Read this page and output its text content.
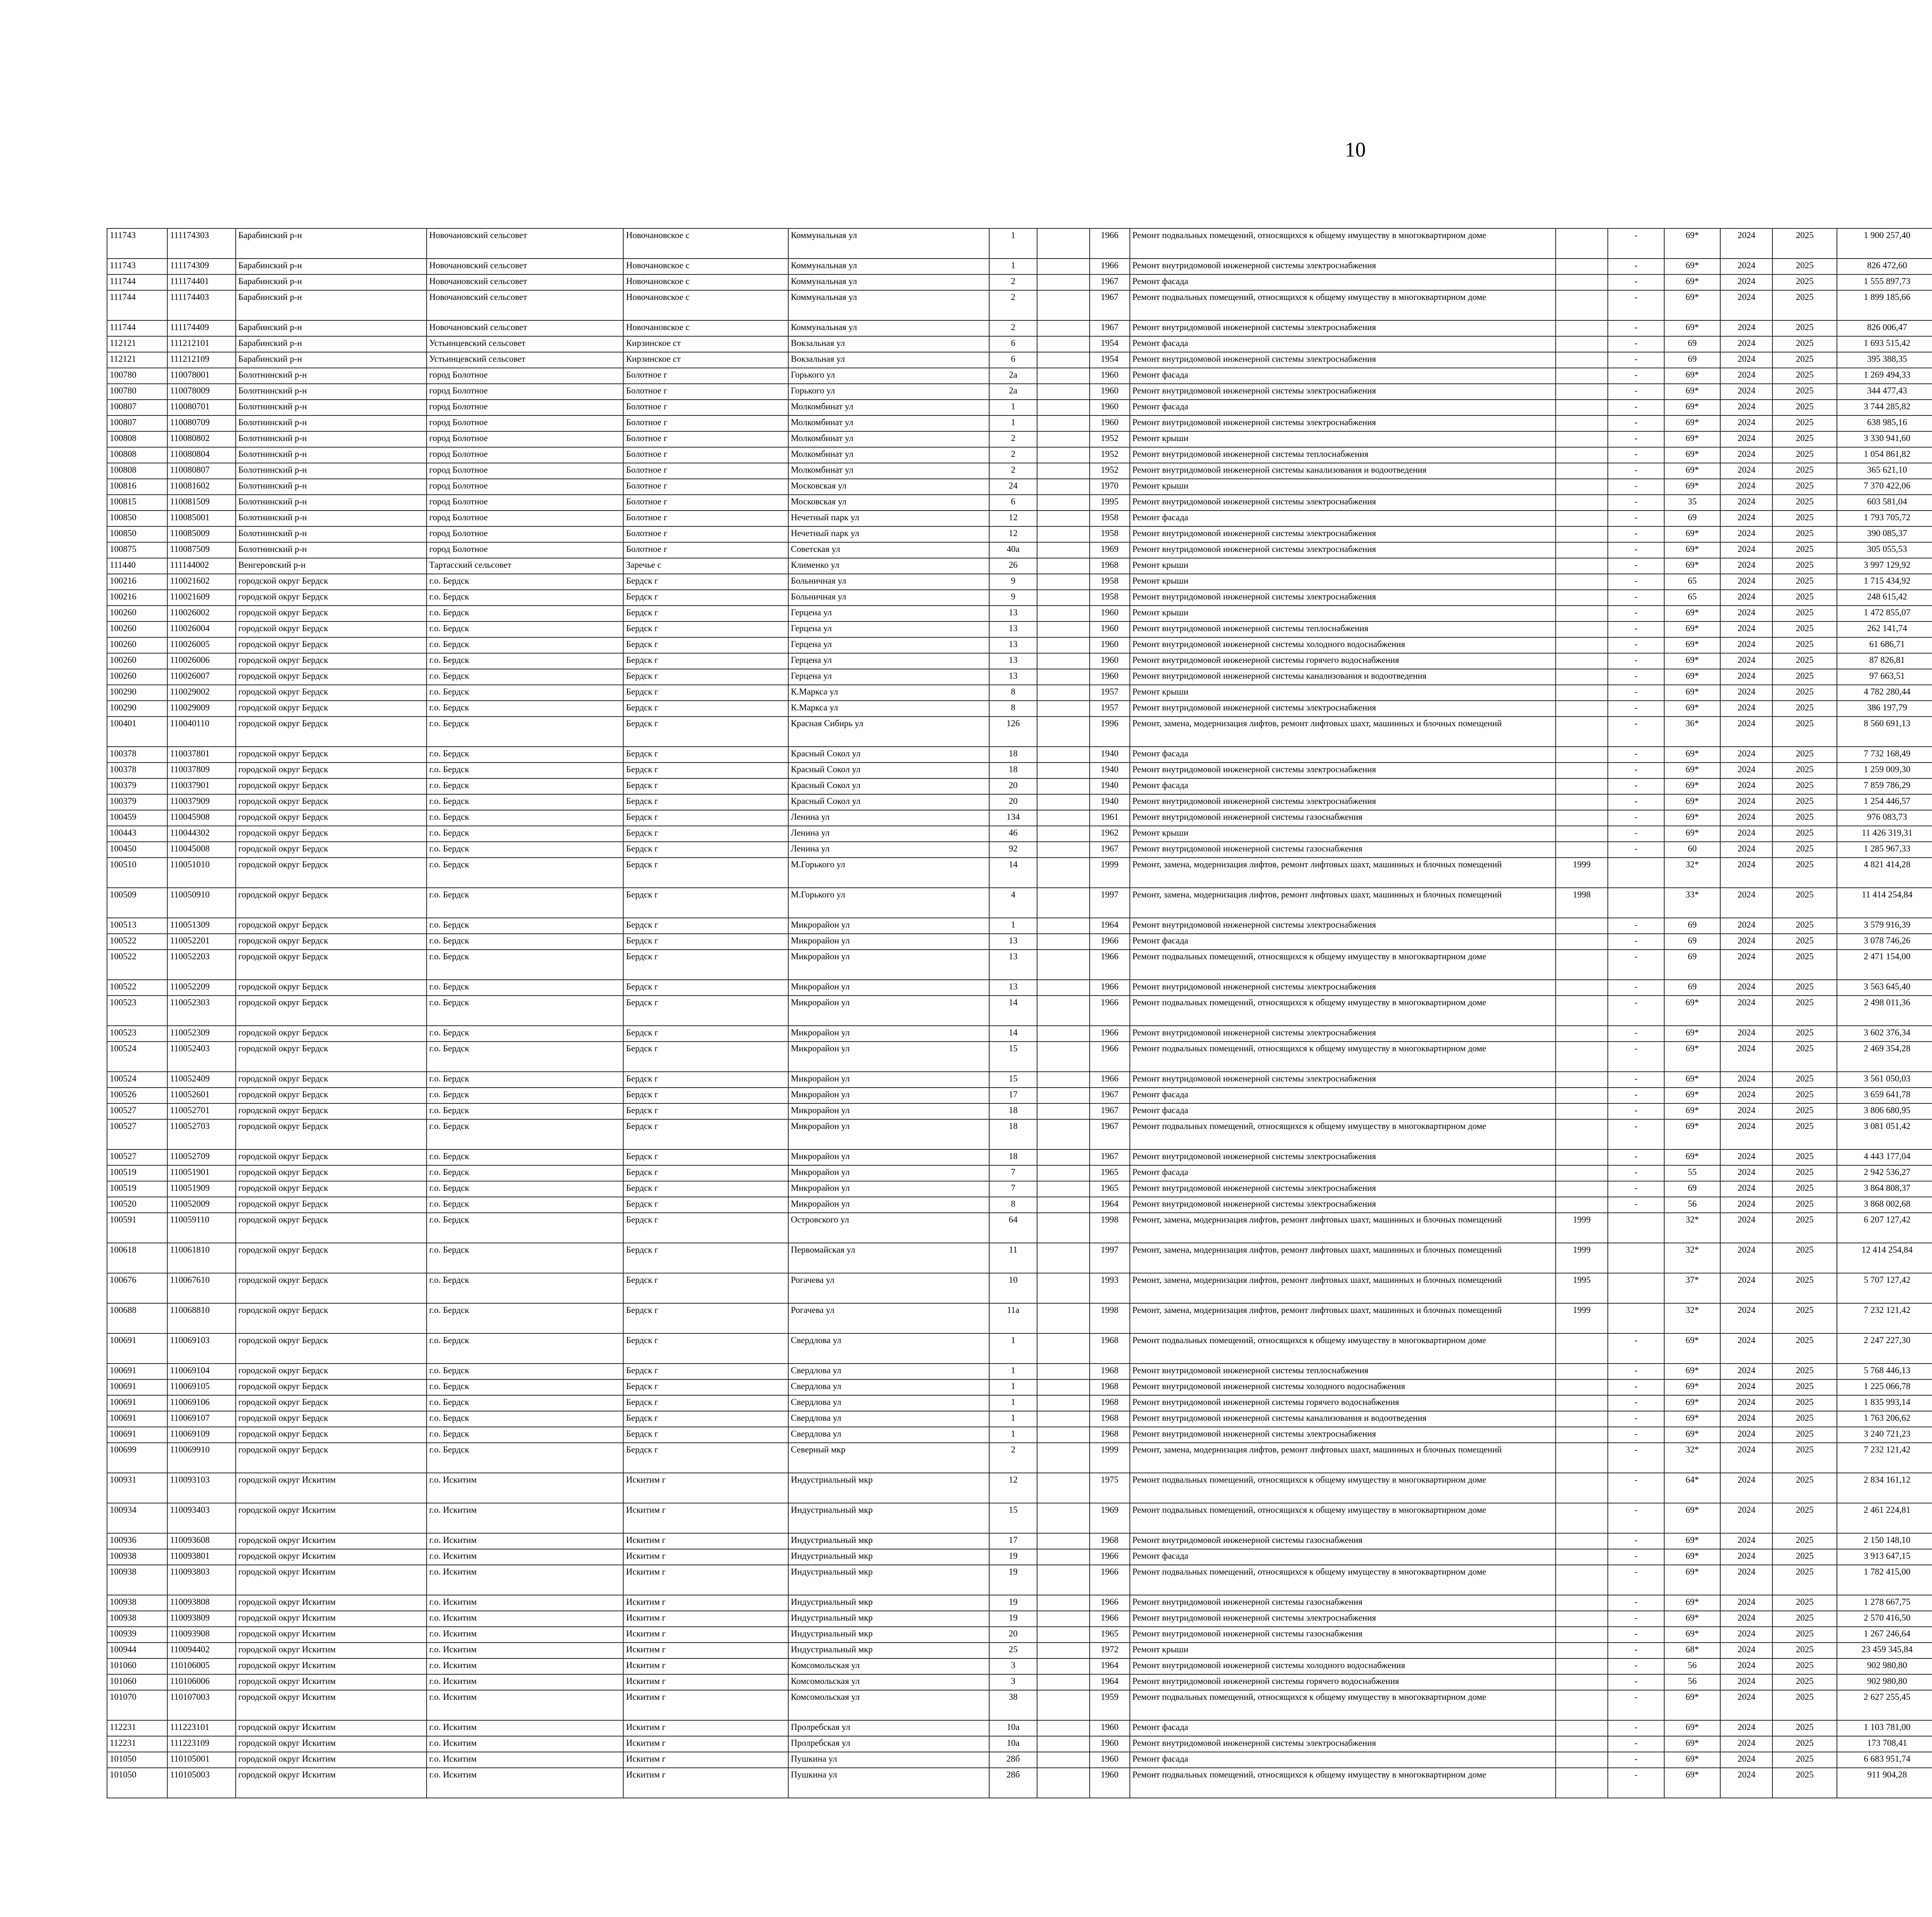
10
111743	111174303	Барабинский р-н	Новочановский сельсовет	Новочановское с	Коммунальная ул	1		1966	Ремонт подвальных помещений, относящихся к общему имуществу в многоквартирном доме		-	69*	2024	2025	1 900 257,40								
111743	111174309	Барабинский р-н	Новочановский сельсовет	Новочановское с	Коммунальная ул	1		1966	Ремонт внутридомовой инженерной системы электроснабжения		-	69*	2024	2025	826 472,60								
111744	111174401	Барабинский р-н	Новочановский сельсовет	Новочановское с	Коммунальная ул	2		1967	Ремонт фасада		-	69*	2024	2025	1 555 897,73								
111744	111174403	Барабинский р-н	Новочановский сельсовет	Новочановское с	Коммунальная ул	2		1967	Ремонт подвальных помещений, относящихся к общему имуществу в многоквартирном доме		-	69*	2024	2025	1 899 185,66								
111744	111174409	Барабинский р-н	Новочановский сельсовет	Новочановское с	Коммунальная ул	2		1967	Ремонт внутридомовой инженерной системы электроснабжения		-	69*	2024	2025	826 006,47								
112121	111212101	Барабинский р-н	Устьинцевский сельсовет	Кирзинское ст	Вокзальная ул	6		1954	Ремонт фасада		-	69	2024	2025	1 693 515,42								
112121	111212109	Барабинский р-н	Устьинцевский сельсовет	Кирзинское ст	Вокзальная ул	6		1954	Ремонт внутридомовой инженерной системы электроснабжения		-	69	2024	2025	395 388,35								
100780	110078001	Болотнинский р-н	город Болотное	Болотное г	Горького ул	2а		1960	Ремонт фасада		-	69*	2024	2025	1 269 494,33								
100780	110078009	Болотнинский р-н	город Болотное	Болотное г	Горького ул	2а		1960	Ремонт внутридомовой инженерной системы электроснабжения		-	69*	2024	2025	344 477,43								
100807	110080701	Болотнинский р-н	город Болотное	Болотное г	Молкомбинат ул	1		1960	Ремонт фасада		-	69*	2024	2025	3 744 285,82								
100807	110080709	Болотнинский р-н	город Болотное	Болотное г	Молкомбинат ул	1		1960	Ремонт внутридомовой инженерной системы электроснабжения		-	69*	2024	2025	638 985,16								
100808	110080802	Болотнинский р-н	город Болотное	Болотное г	Молкомбинат ул	2		1952	Ремонт крыши		-	69*	2024	2025	3 330 941,60								
100808	110080804	Болотнинский р-н	город Болотное	Болотное г	Молкомбинат ул	2		1952	Ремонт внутридомовой инженерной системы теплоснабжения		-	69*	2024	2025	1 054 861,82								
100808	110080807	Болотнинский р-н	город Болотное	Болотное г	Молкомбинат ул	2		1952	Ремонт внутридомовой инженерной системы канализования и водоотведения		-	69*	2024	2025	365 621,10								
100816	110081602	Болотнинский р-н	город Болотное	Болотное г	Московская ул	24		1970	Ремонт крыши		-	69*	2024	2025	7 370 422,06								
100815	110081509	Болотнинский р-н	город Болотное	Болотное г	Московская ул	6		1995	Ремонт внутридомовой инженерной системы электроснабжения		-	35	2024	2025	603 581,04								
100850	110085001	Болотнинский р-н	город Болотное	Болотное г	Нечетный парк ул	12		1958	Ремонт фасада		-	69	2024	2025	1 793 705,72								
100850	110085009	Болотнинский р-н	город Болотное	Болотное г	Нечетный парк ул	12		1958	Ремонт внутридомовой инженерной системы электроснабжения		-	69*	2024	2025	390 085,37								
100875	110087509	Болотнинский р-н	город Болотное	Болотное г	Советская ул	40а		1969	Ремонт внутридомовой инженерной системы электроснабжения		-	69*	2024	2025	305 055,53								
111440	111144002	Венгеровский р-н	Тартасский сельсовет	Заречье с	Клименко ул	26		1968	Ремонт крыши		-	69*	2024	2025	3 997 129,92								
100216	110021602	городской округ Бердск	г.о. Бердск	Бердск г	Больничная ул	9		1958	Ремонт крыши		-	65	2024	2025	1 715 434,92								
100216	110021609	городской округ Бердск	г.о. Бердск	Бердск г	Больничная ул	9		1958	Ремонт внутридомовой инженерной системы электроснабжения		-	65	2024	2025	248 615,42								
100260	110026002	городской округ Бердск	г.о. Бердск	Бердск г	Герцена ул	13		1960	Ремонт крыши		-	69*	2024	2025	1 472 855,07								
100260	110026004	городской округ Бердск	г.о. Бердск	Бердск г	Герцена ул	13		1960	Ремонт внутридомовой инженерной системы теплоснабжения		-	69*	2024	2025	262 141,74								
100260	110026005	городской округ Бердск	г.о. Бердск	Бердск г	Герцена ул	13		1960	Ремонт внутридомовой инженерной системы холодного водоснабжения		-	69*	2024	2025	61 686,71								
100260	110026006	городской округ Бердск	г.о. Бердск	Бердск г	Герцена ул	13		1960	Ремонт внутридомовой инженерной системы горячего водоснабжения		-	69*	2024	2025	87 826,81								
100260	110026007	городской округ Бердск	г.о. Бердск	Бердск г	Герцена ул	13		1960	Ремонт внутридомовой инженерной системы канализования и водоотведения		-	69*	2024	2025	97 663,51								
100290	110029002	городской округ Бердск	г.о. Бердск	Бердск г	К.Маркса ул	8		1957	Ремонт крыши		-	69*	2024	2025	4 782 280,44								
100290	110029009	городской округ Бердск	г.о. Бердск	Бердск г	К.Маркса ул	8		1957	Ремонт внутридомовой инженерной системы электроснабжения		-	69*	2024	2025	386 197,79								
100401	110040110	городской округ Бердск	г.о. Бердск	Бердск г	Красная Сибирь ул	126		1996	Ремонт, замена, модернизация лифтов, ремонт лифтовых шахт, машинных и блочных помещений		-	36*	2024	2025	8 560 691,13								
100378	110037801	городской округ Бердск	г.о. Бердск	Бердск г	Красный Сокол ул	18		1940	Ремонт фасада		-	69*	2024	2025	7 732 168,49								
100378	110037809	городской округ Бердск	г.о. Бердск	Бердск г	Красный Сокол ул	18		1940	Ремонт внутридомовой инженерной системы электроснабжения		-	69*	2024	2025	1 259 009,30								
100379	110037901	городской округ Бердск	г.о. Бердск	Бердск г	Красный Сокол ул	20		1940	Ремонт фасада		-	69*	2024	2025	7 859 786,29								
100379	110037909	городской округ Бердск	г.о. Бердск	Бердск г	Красный Сокол ул	20		1940	Ремонт внутридомовой инженерной системы электроснабжения		-	69*	2024	2025	1 254 446,57								
100459	110045908	городской округ Бердск	г.о. Бердск	Бердск г	Ленина ул	134		1961	Ремонт внутридомовой инженерной системы газоснабжения		-	69*	2024	2025	976 083,73								
100443	110044302	городской округ Бердск	г.о. Бердск	Бердск г	Ленина ул	46		1962	Ремонт крыши		-	69*	2024	2025	11 426 319,31								
100450	110045008	городской округ Бердск	г.о. Бердск	Бердск г	Ленина ул	92		1967	Ремонт внутридомовой инженерной системы газоснабжения		-	60	2024	2025	1 285 967,33								
100510	110051010	городской округ Бердск	г.о. Бердск	Бердск г	М.Горького ул	14		1999	Ремонт, замена, модернизация лифтов, ремонт лифтовых шахт, машинных и блочных помещений	1999		32*	2024	2025	4 821 414,28								
100509	110050910	городской округ Бердск	г.о. Бердск	Бердск г	М.Горького ул	4		1997	Ремонт, замена, модернизация лифтов, ремонт лифтовых шахт, машинных и блочных помещений	1998		33*	2024	2025	11 414 254,84								
100513	110051309	городской округ Бердск	г.о. Бердск	Бердск г	Микрорайон ул	1		1964	Ремонт внутридомовой инженерной системы электроснабжения		-	69	2024	2025	3 579 916,39								
100522	110052201	городской округ Бердск	г.о. Бердск	Бердск г	Микрорайон ул	13		1966	Ремонт фасада		-	69	2024	2025	3 078 746,26								
100522	110052203	городской округ Бердск	г.о. Бердск	Бердск г	Микрорайон ул	13		1966	Ремонт подвальных помещений, относящихся к общему имуществу в многоквартирном доме		-	69	2024	2025	2 471 154,00								
100522	110052209	городской округ Бердск	г.о. Бердск	Бердск г	Микрорайон ул	13		1966	Ремонт внутридомовой инженерной системы электроснабжения		-	69	2024	2025	3 563 645,40								
100523	110052303	городской округ Бердск	г.о. Бердск	Бердск г	Микрорайон ул	14		1966	Ремонт подвальных помещений, относящихся к общему имуществу в многоквартирном доме		-	69*	2024	2025	2 498 011,36								
100523	110052309	городской округ Бердск	г.о. Бердск	Бердск г	Микрорайон ул	14		1966	Ремонт внутридомовой инженерной системы электроснабжения		-	69*	2024	2025	3 602 376,34								
100524	110052403	городской округ Бердск	г.о. Бердск	Бердск г	Микрорайон ул	15		1966	Ремонт подвальных помещений, относящихся к общему имуществу в многоквартирном доме		-	69*	2024	2025	2 469 354,28								
100524	110052409	городской округ Бердск	г.о. Бердск	Бердск г	Микрорайон ул	15		1966	Ремонт внутридомовой инженерной системы электроснабжения		-	69*	2024	2025	3 561 050,03								
100526	110052601	городской округ Бердск	г.о. Бердск	Бердск г	Микрорайон ул	17		1967	Ремонт фасада		-	69*	2024	2025	3 659 641,78								
100527	110052701	городской округ Бердск	г.о. Бердск	Бердск г	Микрорайон ул	18		1967	Ремонт фасада		-	69*	2024	2025	3 806 680,95								
100527	110052703	городской округ Бердск	г.о. Бердск	Бердск г	Микрорайон ул	18		1967	Ремонт подвальных помещений, относящихся к общему имуществу в многоквартирном доме		-	69*	2024	2025	3 081 051,42								
100527	110052709	городской округ Бердск	г.о. Бердск	Бердск г	Микрорайон ул	18		1967	Ремонт внутридомовой инженерной системы электроснабжения		-	69*	2024	2025	4 443 177,04								
100519	110051901	городской округ Бердск	г.о. Бердск	Бердск г	Микрорайон ул	7		1965	Ремонт фасада		-	55	2024	2025	2 942 536,27								
100519	110051909	городской округ Бердск	г.о. Бердск	Бердск г	Микрорайон ул	7		1965	Ремонт внутридомовой инженерной системы электроснабжения		-	69	2024	2025	3 864 808,37								
100520	110052009	городской округ Бердск	г.о. Бердск	Бердск г	Микрорайон ул	8		1964	Ремонт внутридомовой инженерной системы электроснабжения		-	56	2024	2025	3 868 002,68								
100591	110059110	городской округ Бердск	г.о. Бердск	Бердск г	Островского ул	64		1998	Ремонт, замена, модернизация лифтов, ремонт лифтовых шахт, машинных и блочных помещений	1999		32*	2024	2025	6 207 127,42								
100618	110061810	городской округ Бердск	г.о. Бердск	Бердск г	Первомайская ул	11		1997	Ремонт, замена, модернизация лифтов, ремонт лифтовых шахт, машинных и блочных помещений	1999		32*	2024	2025	12 414 254,84								
100676	110067610	городской округ Бердск	г.о. Бердск	Бердск г	Рогачева ул	10		1993	Ремонт, замена, модернизация лифтов, ремонт лифтовых шахт, машинных и блочных помещений	1995		37*	2024	2025	5 707 127,42								
100688	110068810	городской округ Бердск	г.о. Бердск	Бердск г	Рогачева ул	11а		1998	Ремонт, замена, модернизация лифтов, ремонт лифтовых шахт, машинных и блочных помещений	1999		32*	2024	2025	7 232 121,42								
100691	110069103	городской округ Бердск	г.о. Бердск	Бердск г	Свердлова ул	1		1968	Ремонт подвальных помещений, относящихся к общему имуществу в многоквартирном доме		-	69*	2024	2025	2 247 227,30								
100691	110069104	городской округ Бердск	г.о. Бердск	Бердск г	Свердлова ул	1		1968	Ремонт внутридомовой инженерной системы теплоснабжения		-	69*	2024	2025	5 768 446,13								
100691	110069105	городской округ Бердск	г.о. Бердск	Бердск г	Свердлова ул	1		1968	Ремонт внутридомовой инженерной системы холодного водоснабжения		-	69*	2024	2025	1 225 066,78								
100691	110069106	городской округ Бердск	г.о. Бердск	Бердск г	Свердлова ул	1		1968	Ремонт внутридомовой инженерной системы горячего водоснабжения		-	69*	2024	2025	1 835 993,14								
100691	110069107	городской округ Бердск	г.о. Бердск	Бердск г	Свердлова ул	1		1968	Ремонт внутридомовой инженерной системы канализования и водоотведения		-	69*	2024	2025	1 763 206,62								
100691	110069109	городской округ Бердск	г.о. Бердск	Бердск г	Свердлова ул	1		1968	Ремонт внутридомовой инженерной системы электроснабжения		-	69*	2024	2025	3 240 721,23								
100699	110069910	городской округ Бердск	г.о. Бердск	Бердск г	Северный мкр	2		1999	Ремонт, замена, модернизация лифтов, ремонт лифтовых шахт, машинных и блочных помещений		-	32*	2024	2025	7 232 121,42								
100931	110093103	городской округ Искитим	г.о. Искитим	Искитим г	Индустриальный мкр	12		1975	Ремонт подвальных помещений, относящихся к общему имуществу в многоквартирном доме		-	64*	2024	2025	2 834 161,12								
100934	110093403	городской округ Искитим	г.о. Искитим	Искитим г	Индустриальный мкр	15		1969	Ремонт подвальных помещений, относящихся к общему имуществу в многоквартирном доме		-	69*	2024	2025	2 461 224,81								
100936	110093608	городской округ Искитим	г.о. Искитим	Искитим г	Индустриальный мкр	17		1968	Ремонт внутридомовой инженерной системы газоснабжения		-	69*	2024	2025	2 150 148,10								
100938	110093801	городской округ Искитим	г.о. Искитим	Искитим г	Индустриальный мкр	19		1966	Ремонт фасада		-	69*	2024	2025	3 913 647,15								
100938	110093803	городской округ Искитим	г.о. Искитим	Искитим г	Индустриальный мкр	19		1966	Ремонт подвальных помещений, относящихся к общему имуществу в многоквартирном доме		-	69*	2024	2025	1 782 415,00								
100938	110093808	городской округ Искитим	г.о. Искитим	Искитим г	Индустриальный мкр	19		1966	Ремонт внутридомовой инженерной системы газоснабжения		-	69*	2024	2025	1 278 667,75								
100938	110093809	городской округ Искитим	г.о. Искитим	Искитим г	Индустриальный мкр	19		1966	Ремонт внутридомовой инженерной системы электроснабжения		-	69*	2024	2025	2 570 416,50								
100939	110093908	городской округ Искитим	г.о. Искитим	Искитим г	Индустриальный мкр	20		1965	Ремонт внутридомовой инженерной системы газоснабжения		-	69*	2024	2025	1 267 246,64								
100944	110094402	городской округ Искитим	г.о. Искитим	Искитим г	Индустриальный мкр	25		1972	Ремонт крыши		-	68*	2024	2025	23 459 345,84								
101060	110106005	городской округ Искитим	г.о. Искитим	Искитим г	Комсомольская ул	3		1964	Ремонт внутридомовой инженерной системы холодного водоснабжения		-	56	2024	2025	902 980,80								
101060	110106006	городской округ Искитим	г.о. Искитим	Искитим г	Комсомольская ул	3		1964	Ремонт внутридомовой инженерной системы горячего водоснабжения		-	56	2024	2025	902 980,80								
101070	110107003	городской округ Искитим	г.о. Искитим	Искитим г	Комсомольская ул	38		1959	Ремонт подвальных помещений, относящихся к общему имуществу в многоквартирном доме		-	69*	2024	2025	2 627 255,45								
112231	111223101	городской округ Искитим	г.о. Искитим	Искитим г	Пролребская ул	10а		1960	Ремонт фасада		-	69*	2024	2025	1 103 781,00								
112231	111223109	городской округ Искитим	г.о. Искитим	Искитим г	Пролребская ул	10а		1960	Ремонт внутридомовой инженерной системы электроснабжения		-	69*	2024	2025	173 708,41								
101050	110105001	городской округ Искитим	г.о. Искитим	Искитим г	Пушкина ул	28б		1960	Ремонт фасада		-	69*	2024	2025	6 683 951,74								
101050	110105003	городской округ Искитим	г.о. Искитим	Искитим г	Пушкина ул	28б		1960	Ремонт подвальных помещений, относящихся к общему имуществу в многоквартирном доме		-	69*	2024	2025	911 904,28								
